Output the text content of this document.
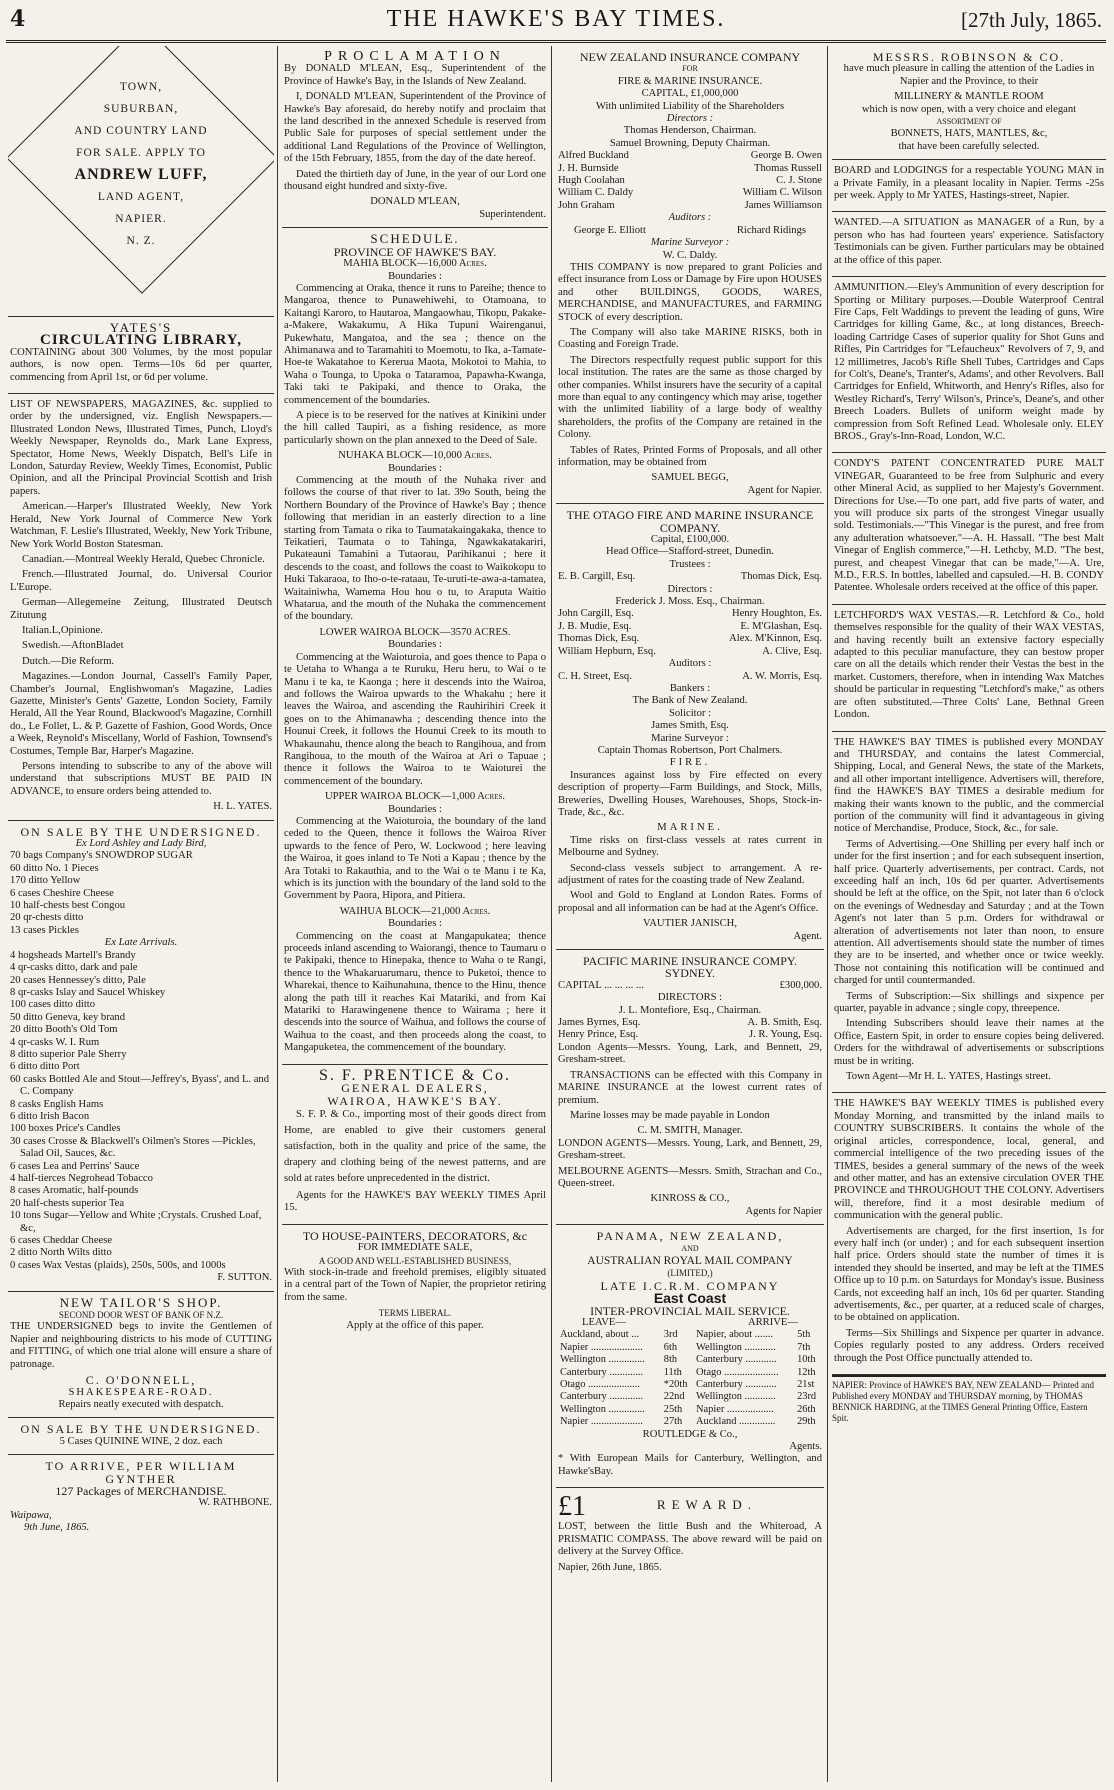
4	THE HAWKE'S BAY TIMES.	[27th July, 1865.
TOWN,
SUBURBAN,
AND COUNTRY LAND
FOR SALE. APPLY TO
ANDREW LUFF,
LAND AGENT,
NAPIER.
N. Z.
YATES'S
CIRCULATING LIBRARY,

CONTAINING about 300 Volumes, by the most popular authors, is now open. Terms—10s 6d per quarter, commencing from April 1st, or 6d per volume.

LIST OF NEWSPAPERS, MAGAZINES, &c. supplied to order by the undersigned, viz. English Newspapers.—Illustrated London News, Illustrated Times, Punch, Lloyd's Weekly Newspaper, Reynolds do., Mark Lane Express, Spectator, Home News, Weekly Dispatch, Bell's Life in London, Saturday Review, Weekly Times, Economist, Public Opinion, and all the Principal Provincial Scottish and Irish papers.

American.—Harper's Illustrated Weekly, New York Herald, New York Journal of Commerce New York Watchman, F. Leslie's Illustrated, Weekly, New York Tribune, New York World Boston Statesman.

Canadian.—Montreal Weekly Herald, Quebec Chronicle.

French.—Illustrated Journal, do. Universal Courior L'Europe.

German—Allegemeine Zeitung, Illustrated Deutsch Zitutung

Italian.L,Opinione.

Swedish.—AftonBladet

Dutch.—Die Reform.

Magazines.—London Journal, Cassell's Family Paper, Chamber's Journal, Englishwoman's Magazine, Ladies Gazette, Minister's Gents' Gazette, London Society, Family Herald, All the Year Round, Blackwood's Magazine, Cornhill do., Le Follet, L. & P. Gazette of Fashion, Good Words, Once a Week, Reynold's Miscellany, World of Fashion, Townsend's Costumes, Temple Bar, Harper's Magazine.

Persons intending to subscribe to any of the above will understand that subscriptions MUST BE PAID IN ADVANCE, to ensure orders being attended to.

H. L. YATES.
ON SALE BY THE UNDERSIGNED.
Ex Lord Ashley and Lady Bird,
70 bags Company's SNOWDROP SUGAR
60 ditto No. 1 Pieces
170 ditto Yellow
6 cases Cheshire Cheese
10 half-chests best Congou
20 qr-chests ditto
13 cases Pickles
Ex Late Arrivals.
4 hogsheads Martell's Brandy
4 qr-casks ditto, dark and pale
20 cases Hennessey's ditto, Pale
8 qr-casks Islay and Saucel Whiskey
100 cases ditto ditto
50 ditto Geneva, key brand
20 ditto Booth's Old Tom
4 qr-casks W. I. Rum
8 ditto superior Pale Sherry
6 ditto ditto Port
60 casks Bottled Ale and Stout—Jeffrey's, Byass', and L. and C. Company
8 casks English Hams
6 ditto Irish Bacon
100 boxes Price's Candles
30 cases Crosse & Blackwell's Oilmen's Stores —Pickles, Salad Oil, Sauces, &c.
6 cases Lea and Perrins' Sauce
4 half-tierces Negrohead Tobacco
8 cases Aromatic, half-pounds
20 half-chests superior Tea
10 tons Sugar—Yellow and White ;Crystals. Crushed Loaf, &c,
6 cases Cheddar Cheese
2 ditto North Wilts ditto
0 cases Wax Vestas (plaids), 250s, 500s, and 1000s
F. SUTTON.
NEW TAILOR'S SHOP.
SECOND DOOR WEST OF BANK OF N.Z.

THE UNDERSIGNED begs to invite the Gentlemen of Napier and neighbouring districts to his mode of CUTTING and FITTING, of which one trial alone will ensure a share of patronage.

C. O'DONNELL,
SHAKESPEARE-ROAD.
Repairs neatly executed with despatch.
ON SALE BY THE UNDERSIGNED.
5 Cases QUININE WINE, 2 doz. each
TO ARRIVE, PER WILLIAM GYNTHER
127 Packages of MERCHANDISE.
W. RATHBONE.
Waipawa,
9th June, 1865.
PROCLAMATION

By DONALD M'LEAN, Esq., Superintendent of the Province of Hawke's Bay, in the Islands of New Zealand.

I, DONALD M'LEAN, Superintendent of the Province of Hawke's Bay aforesaid, do hereby notify and proclaim that the land described in the annexed Schedule is reserved from Public Sale for purposes of special settlement under the additional Land Regulations of the Province of Wellington, of the 15th February, 1855, from the day of the date hereof.

Dated the thirtieth day of June, in the year of our Lord one thousand eight hundred and sixty-five.

DONALD M'LEAN,
Superintendent.
SCHEDULE.
PROVINCE OF HAWKE'S BAY.
MAHIA BLOCK—16,000 Acres.
Boundaries :

Commencing at Oraka, thence it runs to Pareihe; thence to Mangaroa, thence to Punawehiwehi, to Otamoana, to Kaitangi Karoro, to Hautaroa, Mangaowhau, Tikopu, Pakake-a-Makere, Wakakumu, A Hika Tupuni Wairenganui, Pukewhatu, Mangatoa, and the sea ; thence on the Ahimanawa and to Taramahiti to Moemotu, to Ika, a-Tamate-Hoe-te Wakatahoe to Kererua Maota, Mokotoi to Mahia, to Waha o Tounga, to Upoka o Tataramoa, Papawha-Kwanga, Taki taki te Pakipaki, and thence to Oraka, the commencement of the boundaries.

A piece is to be reserved for the natives at Kinikini under the hill called Taupiri, as a fishing residence, as more particularly shown on the plan annexed to the Deed of Sale.

NUHAKA BLOCK—10,000 Acres.
Boundaries :

Commencing at the mouth of the Nuhaka river and follows the course of that river to lat. 39o South, being the Northern Boundary of the Province of Hawke's Bay ; thence following that meridian in an easterly direction to a line starting from Tamata o rika to Taumatakaingakaka, thence to Teikatieri, Taumata o to Tahinga, Ngawkakatakariri, Pukateauni Tamahini a Tutaorau, Parihikanui ; here it descends to the coast, and follows the coast to Waikokopu to Huki Takaraoa, to Iho-o-te-rataau, Te-uruti-te-awa-a-tamatea, Waitainiwha, Wamema Hou hou o tu, to Araputa Waitio Whatarua, and the mouth of the Nuhaka the commencement of the boundary.

LOWER WAIROA BLOCK—3570 ACRES.
Boundaries :

Commencing at the Waioturoia, and goes thence to Papa o te Uetaha to Whanga a te Ruruku, Heru heru, to Wai o te Manu i te ka, te Kaonga ; here it descends into the Wairoa, and follows the Wairoa upwards to the Whakahu ; here it leaves the Wairoa, and ascending the Rauhirihiri Creek it goes on to the Ahimanawha ; descending thence into the Hounui Creek, it follows the Hounui Creek to its mouth to Whakaunahu, thence along the beach to Rangihoua, and from Rangihoua, to the mouth of the Wairoa at Ari o Tapuae ; thence it follows the Wairoa to te Waioturei the commencement of the boundary.

UPPER WAIROA BLOCK—1,000 Acres.
Boundaries :

Commencing at the Waioturoia, the boundary of the land ceded to the Queen, thence it follows the Wairoa River upwards to the fence of Pero, W. Lockwood ; here leaving the Wairoa, it goes inland to Te Noti a Kapau ; thence by the Ara Totaki to Rakauthia, and to the Wai o te Manu i te Ka, which is its junction with the boundary of the land sold to the Government by Paora, Hipora, and Pitiera.

WAIHUA BLOCK—21,000 Acres.
Boundaries :

Commencing on the coast at Mangapukatea; thence proceeds inland ascending to Waiorangi, thence to Taumaru o te Pakipaki, thence to Hinepaka, thence to Waha o te Rangi, thence to the Whakaruarumaru, thence to Puketoi, thence to Wharekai, thence to Kaihunahuna, thence to the Hinu, thence along the path till it reaches Kai Matariki, and from Kai Matariki to Harawingenene thence to Wairama ; here it descends into the source of Waihua, and follows the course of Waihua to the coast, and then proceeds along the coast, to Mangapuketea, the commencement of the boundary.

S. F. PRENTICE & Co.
GENERAL DEALERS,
WAIROA, HAWKE'S BAY.

S. F. P. & Co., importing most of their goods direct from Home, are enabled to give their customers general satisfaction, both in the quality and price of the same, the drapery and clothing being of the newest patterns, and are sold at rates before unprecedented in the district.

Agents for the HAWKE'S BAY WEEKLY TIMES April 15.

TO HOUSE-PAINTERS, DECORATORS, &c
FOR IMMEDIATE SALE,
A GOOD AND WELL-ESTABLISHED BUSINESS,

With stock-in-trade and freehold premises, eligibly situated in a central part of the Town of Napier, the proprietor retiring from the same.

TERMS LIBERAL.
Apply at the office of this paper.
NEW ZEALAND INSURANCE COMPANY
FOR
FIRE & MARINE INSURANCE.
CAPITAL, £1,000,000
With unlimited Liability of the Shareholders
Directors :
Thomas Henderson, Chairman.
Samuel Browning, Deputy Chairman.
Alfred Buckland	George B. Owen
J. H. Burnside	Thomas Russell
Hugh Coolahan	C. J. Stone
William C. Daldy	William C. Wilson
John Graham	James Williamson
Auditors :
George E. Elliott	Richard Ridings
Marine Surveyor :
W. C. Daldy.

THIS COMPANY is now prepared to grant Policies and effect insurance from Loss or Damage by Fire upon HOUSES and other BUILDINGS, GOODS, WARES, MERCHANDISE, and MANUFACTURES, and FARMING STOCK of every description.

The Company will also take MARINE RISKS, both in Coasting and Foreign Trade.

The Directors respectfully request public support for this local institution. The rates are the same as those charged by other companies. Whilst insurers have the security of a capital more than equal to any contingency which may arise, together with the unlimited liability of a large body of wealthy shareholders, the profits of the Company are retained in the Colony.

Tables of Rates, Printed Forms of Proposals, and all other information, may be obtained from

SAMUEL BEGG,
Agent for Napier.
THE OTAGO FIRE AND MARINE INSURANCE COMPANY.
Capital, £100,000.
Head Office—Stafford-street, Dunedin.
Trustees :
E. B. Cargill, Esq.	Thomas Dick, Esq.
Directors :
Frederick J. Moss. Esq., Chairman.
John Cargill, Esq.	Henry Houghton, Es.
J. B. Mudie, Esq.	E. M'Glashan, Esq.
Thomas Dick, Esq.	Alex. M'Kinnon, Esq.
William Hepburn, Esq.	A. Clive, Esq.
Auditors :
C. H. Street, Esq.	A. W. Morris, Esq.
Bankers :
The Bank of New Zealand.
Solicitor :
James Smith, Esq.
Marine Surveyor :
Captain Thomas Robertson, Port Chalmers.
FIRE.

Insurances against loss by Fire effected on every description of property—Farm Buildings, and Stock, Mills, Breweries, Dwelling Houses, Warehouses, Shops, Stock-in-Trade, &c., &c.

MARINE.

Time risks on first-class vessels at rates current in Melbourne and Sydney.

Second-class vessels subject to arrangement. A re-adjustment of rates for the coasting trade of New Zealand.

Wool and Gold to England at London Rates. Forms of proposal and all information can be had at the Agent's Office.

VAUTIER JANISCH,
Agent.
PACIFIC MARINE INSURANCE COMPY. SYDNEY.
CAPITAL ... ... ... ...	£300,000.
DIRECTORS :
J. L. Montefiore, Esq., Chairman.
James Byrnes, Esq.	A. B. Smith, Esq.
Henry Prince, Esq.	J. R. Young, Esq.

London Agents—Messrs. Young, Lark, and Bennett, 29, Gresham-street.

TRANSACTIONS can be effected with this Company in MARINE INSURANCE at the lowest current rates of premium.

Marine losses may be made payable in London

C. M. SMITH, Manager.

LONDON AGENTS—Messrs. Young, Lark, and Bennett, 29, Gresham-street.

MELBOURNE AGENTS—Messrs. Smith, Strachan and Co., Queen-street.

KINROSS & CO.,
Agents for Napier
PANAMA, NEW ZEALAND,
AND
AUSTRALIAN ROYAL MAIL COMPANY
(LIMITED,)
LATE I.C.R.M. COMPANY
East Coast
INTER-PROVINCIAL MAIL SERVICE.
LEAVE—	ARRIVE—
Auckland, about ...	3rd	Napier, about .......	5th
Napier ....................	6th	Wellington ............	7th
Wellington ..............	8th	Canterbury ............	10th
Canterbury .............	11th	Otago .....................	12th
Otago ....................	*20th	Canterbury ............	21st
Canterbury .............	22nd	Wellington ............	23rd
Wellington ..............	25th	Napier ..................	26th
Napier ....................	27th	Auckland ..............	29th
ROUTLEDGE & Co.,
Agents.

* With European Mails for Canterbury, Wellington, and Hawke'sBay.

£1	REWARD.

LOST, between the little Bush and the Whiteroad, A PRISMATIC COMPASS. The above reward will be paid on delivery at the Survey Office.

Napier, 26th June, 1865.
MESSRS. ROBINSON & CO.

have much pleasure in calling the attention of the Ladies in Napier and the Province, to their

MILLINERY & MANTLE ROOM
which is now open, with a very choice and elegant
ASSORTMENT OF
BONNETS, HATS, MANTLES, &c,
that have been carefully selected.

BOARD and LODGINGS for a respectable YOUNG MAN in a Private Family, in a pleasant locality in Napier. Terms -25s per week. Apply to Mr YATES, Hastings-street, Napier.

WANTED.—A SITUATION as MANAGER of a Run, by a person who has had fourteen years' experience. Satisfactory Testimonials can be given. Further particulars may be obtained at the office of this paper.

AMMUNITION.—Eley's Ammunition of every description for Sporting or Military purposes.—Double Waterproof Central Fire Caps, Felt Waddings to prevent the leading of guns, Wire Cartridges for killing Game, &c., at long distances, Breech-loading Cartridge Cases of superior quality for Shot Guns and Rifles, Pin Cartridges for "Lefaucheux" Revolvers of 7, 9, and 12 millimetres, Jacob's Rifle Shell Tubes, Cartridges and Caps for Colt's, Deane's, Tranter's, Adams', and other Revolvers. Ball Cartridges for Enfield, Whitworth, and Henry's Rifles, also for Westley Richard's, Terry' Wilson's, Prince's, Deane's, and other Breech Loaders. Bullets of uniform weight made by compression from Soft Refined Lead. Wholesale only. ELEY BROS., Gray's-Inn-Road, London, W.C.

CONDY'S PATENT CONCENTRATED PURE MALT VINEGAR, Guaranteed to be free from Sulphuric and every other Mineral Acid, as supplied to her Majesty's Government. Directions for Use.—To one part, add five parts of water, and you will produce six parts of the strongest Vinegar usually sold. Testimonials.—"This Vinegar is the purest, and free from any adulteration whatsoever."—A. H. Hassall. "The best Malt Vinegar of English commerce,"—H. Lethcby, M.D. "The best, purest, and cheapest Vinegar that can be made,"—A. Ure, M.D., F.R.S. In bottles, labelled and capsuled.—H. B. CONDY Patentee. Wholesale orders received at the office of this paper.

LETCHFORD'S WAX VESTAS.—R. Letchford & Co., hold themselves responsible for the quality of their WAX VESTAS, and having recently built an extensive factory especially adapted to this peculiar manufacture, they can bestow proper care on all the details which render their Vestas the best in the market. Customers, therefore, when in intending Wax Matches should be particular in requesting "Letchford's make," as others are often substituted.—Three Colts' Lane, Bethnal Green London.

THE HAWKE'S BAY TIMES is published every MONDAY and THURSDAY, and contains the latest Commercial, Shipping, Local, and General News, the state of the Markets, and all other important intelligence. Advertisers will, therefore, find the HAWKE'S BAY TIMES a desirable medium for making their wants known to the public, and the commercial portion of the community will find it advantageous in giving notice of Merchandise, Produce, Stock, &c., for sale.

Terms of Advertising.—One Shilling per every half inch or under for the first insertion ; and for each subsequent insertion, half price. Quarterly advertisements, per contract. Cards, not exceeding half an inch, 10s 6d per quarter. Advertisements should be left at the office, on the Spit, not later than 6 o'clock on the evenings of Wednesday and Saturday ; and at the Town Agent's not later than 5 p.m. Orders for withdrawal or alteration of advertisements not later than noon, to ensure attention. All advertisements should state the number of times they are to be inserted, and whether once or twice weekly. Those not containing this notification will be continued and charged for until countermanded.

Terms of Subscription:—Six shillings and sixpence per quarter, payable in advance ; single copy, threepence.

Intending Subscribers should leave their names at the Office, Eastern Spit, in order to ensure copies being delivered. Orders for the withdrawal of advertisements or subscriptions must be in writing.

Town Agent—Mr H. L. YATES, Hastings street.

THE HAWKE'S BAY WEEKLY TIMES is published every Monday Morning, and transmitted by the inland mails to COUNTRY SUBSCRIBERS. It contains the whole of the original articles, correspondence, local, general, and commercial intelligence of the two preceding issues of the TIMES, besides a general summary of the news of the week and other matter, and has an extensive circulation OVER THE PROVINCE and THROUGHOUT THE COLONY. Advertisers will, therefore, find it a most desirable medium of communication with the general public.

Advertisements are charged, for the first insertion, 1s for every half inch (or under) ; and for each subsequent insertion half price. Orders should state the number of times it is intended they should be inserted, and may be left at the TIMES Office up to 10 p.m. on Saturdays for Monday's issue. Business Cards, not exceeding half an inch, 10s 6d per quarter. Standing advertisements, &c., per quarter, at a reduced scale of charges, to be obtained on application.

Terms—Six Shillings and Sixpence per quarter in advance. Copies regularly posted to any address. Orders received through the Post Office punctually attended to.

NAPIER: Province of HAWKE'S BAY, NEW ZEALAND— Printed and Published every MONDAY and THURSDAY morning, by THOMAS BENNICK HARDING, at the TIMES General Printing Office, Eastern Spit.
